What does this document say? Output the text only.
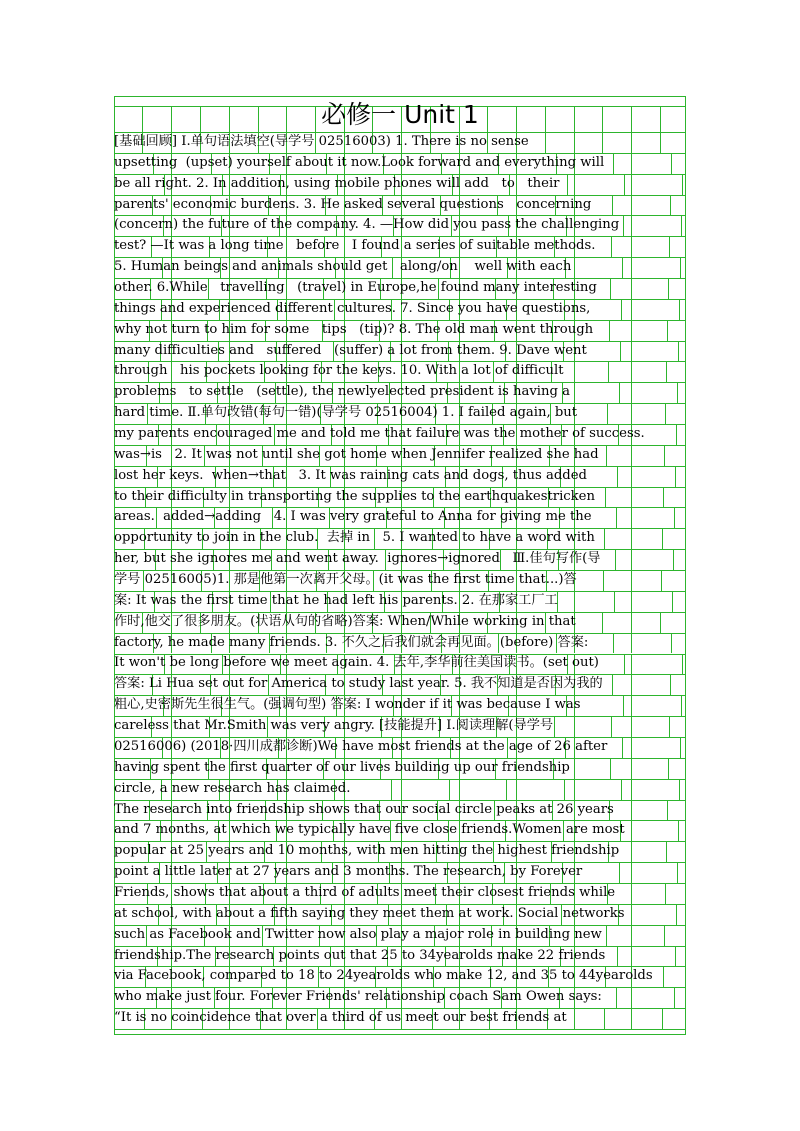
必修一 Unit 1
[基础回顾] Ⅰ.单句语法填空(导学号 02516003) 1. There is no sense
upsetting  (upset) yourself about it now.Look forward and everything will
be all right. 2. In addition, using mobile phones will add   to   their
parents' economic burdens. 3. He asked several questions   concerning
(concern) the future of the company. 4. —How did you pass the challenging
test? —It was a long time   before   I found a series of suitable methods.
5. Human beings and animals should get   along/on    well with each
other. 6.While   travelling   (travel) in Europe,he found many interesting
things and experienced different cultures. 7. Since you have questions,
why not turn to him for some   tips   (tip)? 8. The old man went through
many difficulties and   suffered   (suffer) a lot from them. 9. Dave went
through   his pockets looking for the keys. 10. With a lot of difficult
problems   to settle   (settle), the newlyelected president is having a
hard time. Ⅱ.单句改错(每句一错)(导学号 02516004) 1. I failed again, but
my parents encouraged me and told me that failure was the mother of success.
was→is   2. It was not until she got home when Jennifer realized she had
lost her keys.  when→that   3. It was raining cats and dogs, thus added
to their difficulty in transporting the supplies to the earthquakestricken
areas.  added→adding   4. I was very grateful to Anna for giving me the
opportunity to join in the club.  去掉 in   5. I wanted to have a word with
her, but she ignores me and went away.  ignores→ignored   Ⅲ.佳句写作(导
学号 02516005)1. 那是他第一次离开父母。(it was the first time that...)答
案: It was the first time that he had left his parents. 2. 在那家工厂工
作时,他交了很多朋友。(状语从句的省略)答案: When/While working in that
factory, he made many friends. 3. 不久之后我们就会再见面。(before) 答案:
It won't be long before we meet again. 4. 去年,李华前往美国读书。(set out)
答案: Li Hua set out for America to study last year. 5. 我不知道是否因为我的
粗心,史密斯先生很生气。(强调句型) 答案: I wonder if it was because I was
careless that Mr.Smith was very angry. [技能提升] Ⅰ.阅读理解(导学号
02516006) (2018·四川成都诊断)We have most friends at the age of 26 after
having spent the first quarter of our lives building up our friendship
circle, a new research has claimed.
The research into friendship shows that our social circle peaks at 26 years
and 7 months, at which we typically have five close friends.Women are most
popular at 25 years and 10 months, with men hitting the highest friendship
point a little later at 27 years and 3 months. The research, by Forever
Friends, shows that about a third of adults meet their closest friends while
at school, with about a fifth saying they meet them at work. Social networks
such as Facebook and Twitter now also play a major role in building new
friendship.The research points out that 25 to 34yearolds make 22 friends
via Facebook, compared to 18 to 24yearolds who make 12, and 35 to 44yearolds
who make just four. Forever Friends' relationship coach Sam Owen says:
“It is no coincidence that over a third of us meet our best friends at
